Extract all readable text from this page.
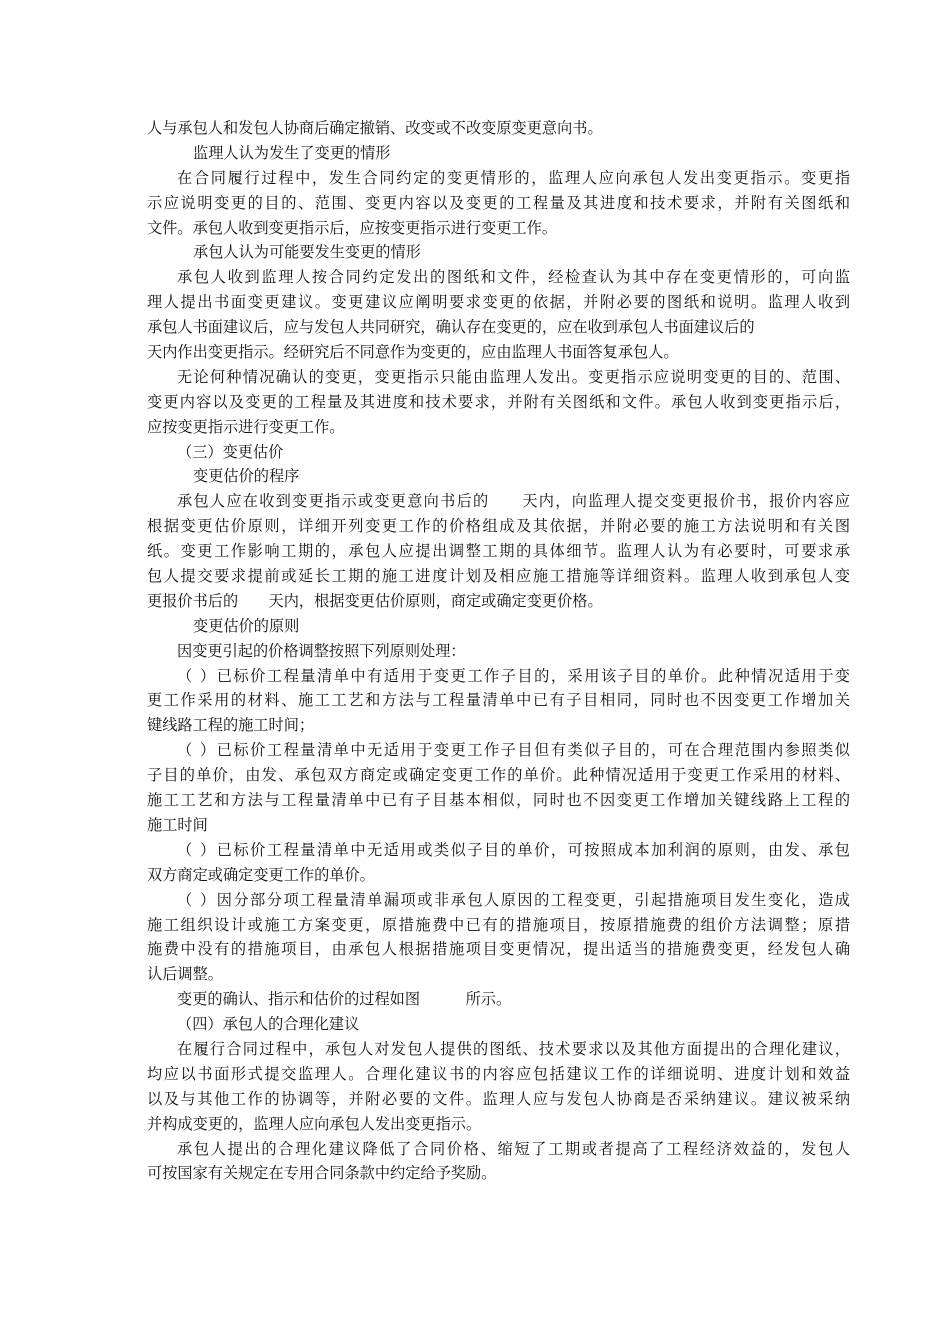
人与承包人和发包人协商后确定撤销、改变或不改变原变更意向书。
监理人认为发生了变更的情形
在合同履行过程中，发生合同约定的变更情形的，监理人应向承包人发出变更指示。变更指
示应说明变更的目的、范围、变更内容以及变更的工程量及其进度和技术要求，并附有关图纸和
文件。承包人收到变更指示后，应按变更指示进行变更工作。
承包人认为可能要发生变更的情形
承包人收到监理人按合同约定发出的图纸和文件，经检查认为其中存在变更情形的，可向监
理人提出书面变更建议。变更建议应阐明要求变更的依据，并附必要的图纸和说明。监理人收到
承包人书面建议后，应与发包人共同研究，确认存在变更的，应在收到承包人书面建议后的
天内作出变更指示。经研究后不同意作为变更的，应由监理人书面答复承包人。
无论何种情况确认的变更，变更指示只能由监理人发出。变更指示应说明变更的目的、范围、
变更内容以及变更的工程量及其进度和技术要求，并附有关图纸和文件。承包人收到变更指示后，
应按变更指示进行变更工作。
（三）变更估价
变更估价的程序
承包人应在收到变更指示或变更意向书后的　　天内，向监理人提交变更报价书，报价内容应
根据变更估价原则，详细开列变更工作的价格组成及其依据，并附必要的施工方法说明和有关图
纸。变更工作影响工期的，承包人应提出调整工期的具体细节。监理人认为有必要时，可要求承
包人提交要求提前或延长工期的施工进度计划及相应施工措施等详细资料。监理人收到承包人变
更报价书后的　　天内，根据变更估价原则，商定或确定变更价格。
变更估价的原则
因变更引起的价格调整按照下列原则处理：
（ ）已标价工程量清单中有适用于变更工作子目的，采用该子目的单价。此种情况适用于变
更工作采用的材料、施工工艺和方法与工程量清单中已有子目相同，同时也不因变更工作增加关
键线路工程的施工时间；
（ ）已标价工程量清单中无适用于变更工作子目但有类似子目的，可在合理范围内参照类似
子目的单价，由发、承包双方商定或确定变更工作的单价。此种情况适用于变更工作采用的材料、
施工工艺和方法与工程量清单中已有子目基本相似，同时也不因变更工作增加关键线路上工程的
施工时间
（ ）已标价工程量清单中无适用或类似子目的单价，可按照成本加利润的原则，由发、承包
双方商定或确定变更工作的单价。
（ ）因分部分项工程量清单漏项或非承包人原因的工程变更，引起措施项目发生变化，造成
施工组织设计或施工方案变更，原措施费中已有的措施项目，按原措施费的组价方法调整；原措
施费中没有的措施项目，由承包人根据措施项目变更情况，提出适当的措施费变更，经发包人确
认后调整。
变更的确认、指示和估价的过程如图　　　所示。
（四）承包人的合理化建议
在履行合同过程中，承包人对发包人提供的图纸、技术要求以及其他方面提出的合理化建议，
均应以书面形式提交监理人。合理化建议书的内容应包括建议工作的详细说明、进度计划和效益
以及与其他工作的协调等，并附必要的文件。监理人应与发包人协商是否采纳建议。建议被采纳
并构成变更的，监理人应向承包人发出变更指示。
承包人提出的合理化建议降低了合同价格、缩短了工期或者提高了工程经济效益的，发包人
可按国家有关规定在专用合同条款中约定给予奖励。
